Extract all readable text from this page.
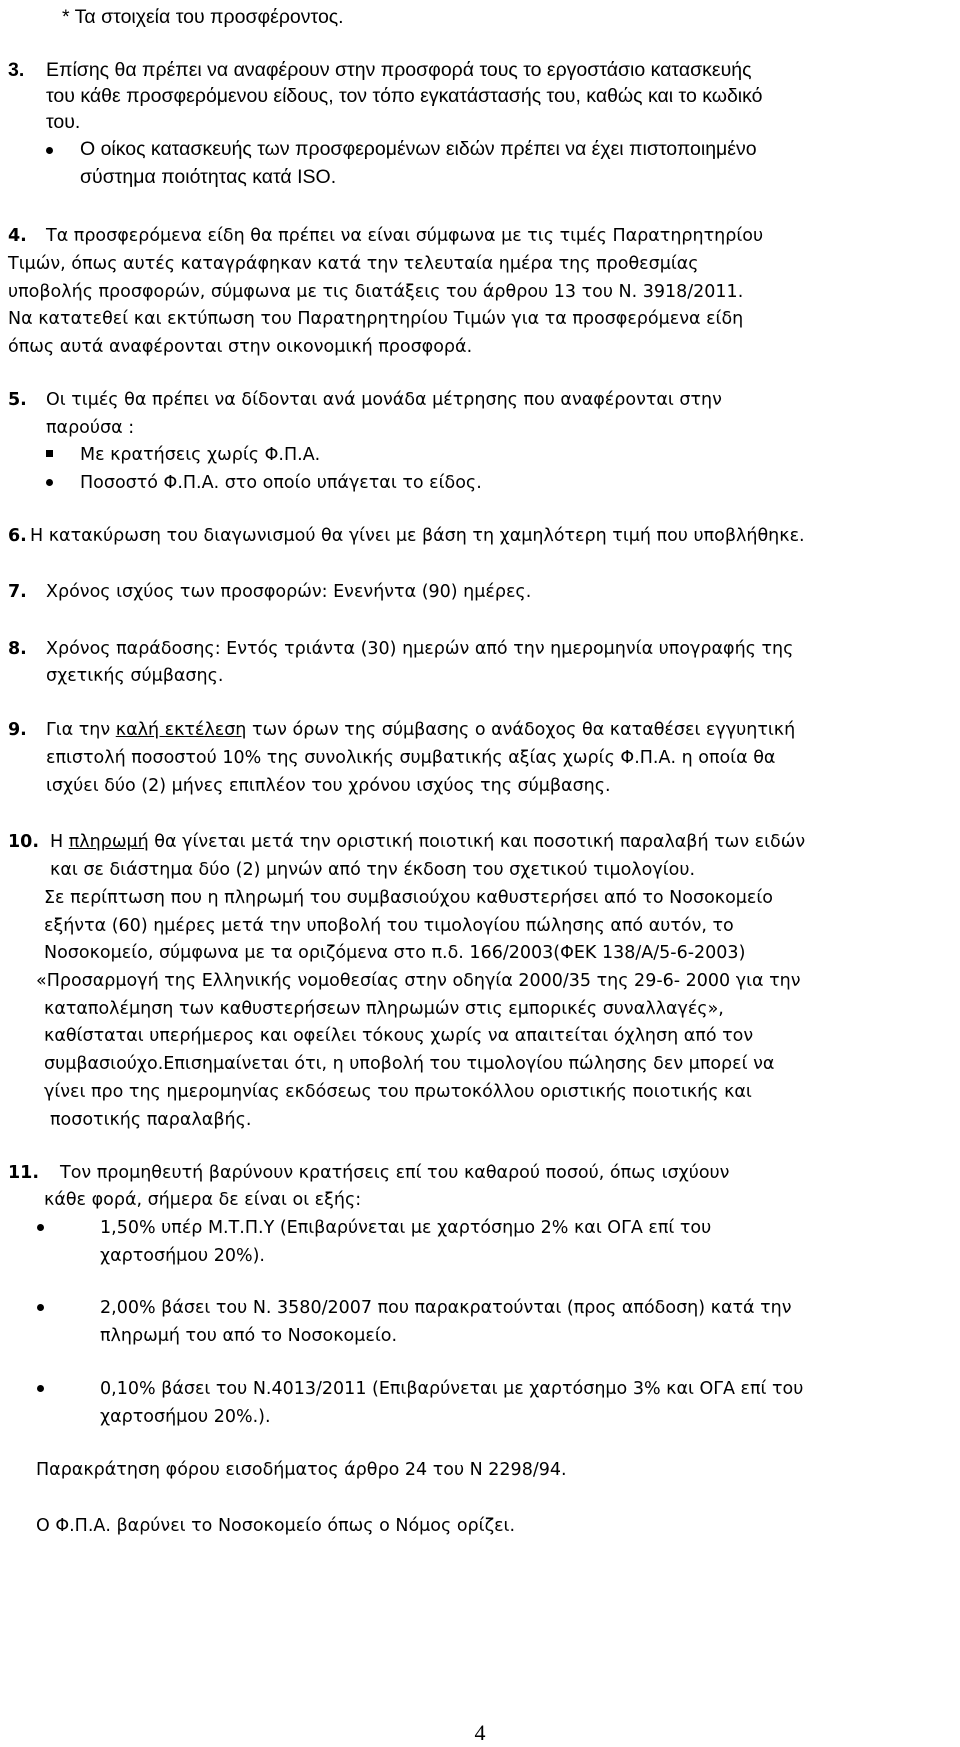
* Τα στοιχεία του προσφέροντος.
3. Επίσης θα πρέπει να αναφέρουν στην προσφορά τους το εργοστάσιο κατασκευής
του κάθε προσφερόμενου είδους, τον τόπο εγκατάστασής του, καθώς και το κωδικό
του.
Ο οίκος κατασκευής των προσφερομένων ειδών πρέπει να έχει πιστοποιημένο
σύστημα ποιότητας κατά ISO.
4. Τα προσφερόμενα είδη θα πρέπει να είναι σύμφωνα με τις τιμές Παρατηρητηρίου
Τιμών, όπως αυτές καταγράφηκαν κατά την τελευταία ημέρα της προθεσμίας
υποβολής προσφορών, σύμφωνα με τις διατάξεις του άρθρου 13 του Ν. 3918/2011.
Να κατατεθεί και εκτύπωση του Παρατηρητηρίου Τιμών για τα προσφερόμενα είδη
όπως αυτά αναφέρονται στην οικονομική προσφορά.
5. Οι τιμές θα πρέπει να δίδονται ανά μονάδα μέτρησης που αναφέρονται στην
παρούσα :
Με κρατήσεις χωρίς Φ.Π.Α.
Ποσοστό Φ.Π.Α. στο οποίο υπάγεται το είδος.
6. Η κατακύρωση του διαγωνισμού θα γίνει με βάση τη χαμηλότερη τιμή που υποβλήθηκε.
7. Χρόνος ισχύος των προσφορών: Ενενήντα (90) ημέρες.
8. Χρόνος παράδοσης: Εντός τριάντα (30) ημερών από την ημερομηνία υπογραφής της
σχετικής σύμβασης.
9. Για την καλή εκτέλεση των όρων της σύμβασης ο ανάδοχος θα καταθέσει εγγυητική
επιστολή ποσοστού 10% της συνολικής συμβατικής αξίας χωρίς Φ.Π.Α. η οποία θα
ισχύει δύο (2) μήνες επιπλέον του χρόνου ισχύος της σύμβασης.
10. Η πληρωμή θα γίνεται μετά την οριστική ποιοτική και ποσοτική παραλαβή των ειδών
και σε διάστημα δύο (2) μηνών από την έκδοση του σχετικού τιμολογίου.
Σε περίπτωση που η πληρωμή του συμβασιούχου καθυστερήσει από το Νοσοκομείο
εξήντα (60) ημέρες μετά την υποβολή του τιμολογίου πώλησης από αυτόν, το
Νοσοκομείο, σύμφωνα με τα οριζόμενα στο π.δ. 166/2003(ΦΕΚ 138/Α/5-6-2003)
«Προσαρμογή της Ελληνικής νομοθεσίας στην οδηγία 2000/35 της 29-6- 2000 για την
καταπολέμηση των καθυστερήσεων πληρωμών στις εμπορικές συναλλαγές»,
καθίσταται υπερήμερος και οφείλει τόκους χωρίς να απαιτείται όχληση από τον
συμβασιούχο.Επισημαίνεται ότι, η υποβολή του τιμολογίου πώλησης δεν μπορεί να
γίνει προ της ημερομηνίας εκδόσεως του πρωτοκόλλου οριστικής ποιοτικής και
ποσοτικής παραλαβής.
11. Τον προμηθευτή βαρύνουν κρατήσεις επί του καθαρού ποσού, όπως ισχύουν
κάθε φορά, σήμερα δε είναι οι εξής:
1,50% υπέρ Μ.Τ.Π.Υ (Επιβαρύνεται με χαρτόσημο 2% και ΟΓΑ επί του
χαρτοσήμου 20%).
2,00% βάσει του Ν. 3580/2007 που παρακρατούνται (προς απόδοση) κατά την
πληρωμή του από το Νοσοκομείο.
0,10% βάσει του Ν.4013/2011 (Επιβαρύνεται με χαρτόσημο 3% και ΟΓΑ επί του
χαρτοσήμου 20%.).
Παρακράτηση φόρου εισοδήματος άρθρο 24 του Ν 2298/94.
Ο Φ.Π.Α. βαρύνει το Νοσοκομείο όπως ο Νόμος ορίζει.
4
